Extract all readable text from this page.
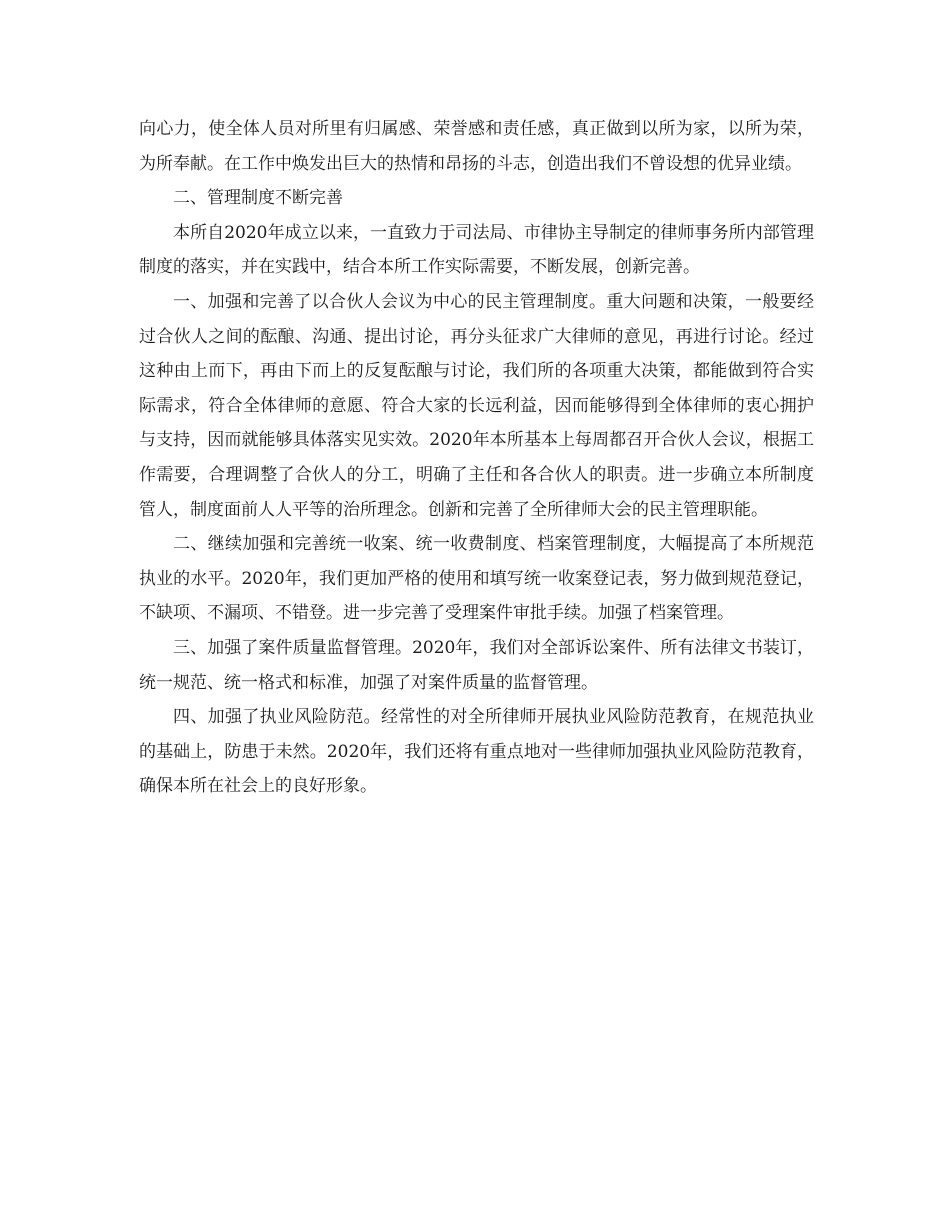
向心力，使全体人员对所里有归属感、荣誉感和责任感，真正做到以所为家，以所为荣，为所奉献。在工作中焕发出巨大的热情和昂扬的斗志，创造出我们不曾设想的优异业绩。

二、管理制度不断完善

本所自2020年成立以来，一直致力于司法局、市律协主导制定的律师事务所内部管理制度的落实，并在实践中，结合本所工作实际需要，不断发展，创新完善。

一、加强和完善了以合伙人会议为中心的民主管理制度。重大问题和决策，一般要经过合伙人之间的酝酿、沟通、提出讨论，再分头征求广大律师的意见，再进行讨论。经过这种由上而下，再由下而上的反复酝酿与讨论，我们所的各项重大决策，都能做到符合实际需求，符合全体律师的意愿、符合大家的长远利益，因而能够得到全体律师的衷心拥护与支持，因而就能够具体落实见实效。2020年本所基本上每周都召开合伙人会议，根据工作需要，合理调整了合伙人的分工，明确了主任和各合伙人的职责。进一步确立本所制度管人，制度面前人人平等的治所理念。创新和完善了全所律师大会的民主管理职能。

二、继续加强和完善统一收案、统一收费制度、档案管理制度，大幅提高了本所规范执业的水平。2020年，我们更加严格的使用和填写统一收案登记表，努力做到规范登记，不缺项、不漏项、不错登。进一步完善了受理案件审批手续。加强了档案管理。

三、加强了案件质量监督管理。2020年，我们对全部诉讼案件、所有法律文书装订，统一规范、统一格式和标准，加强了对案件质量的监督管理。

四、加强了执业风险防范。经常性的对全所律师开展执业风险防范教育，在规范执业的基础上，防患于未然。2020年，我们还将有重点地对一些律师加强执业风险防范教育，确保本所在社会上的良好形象。
